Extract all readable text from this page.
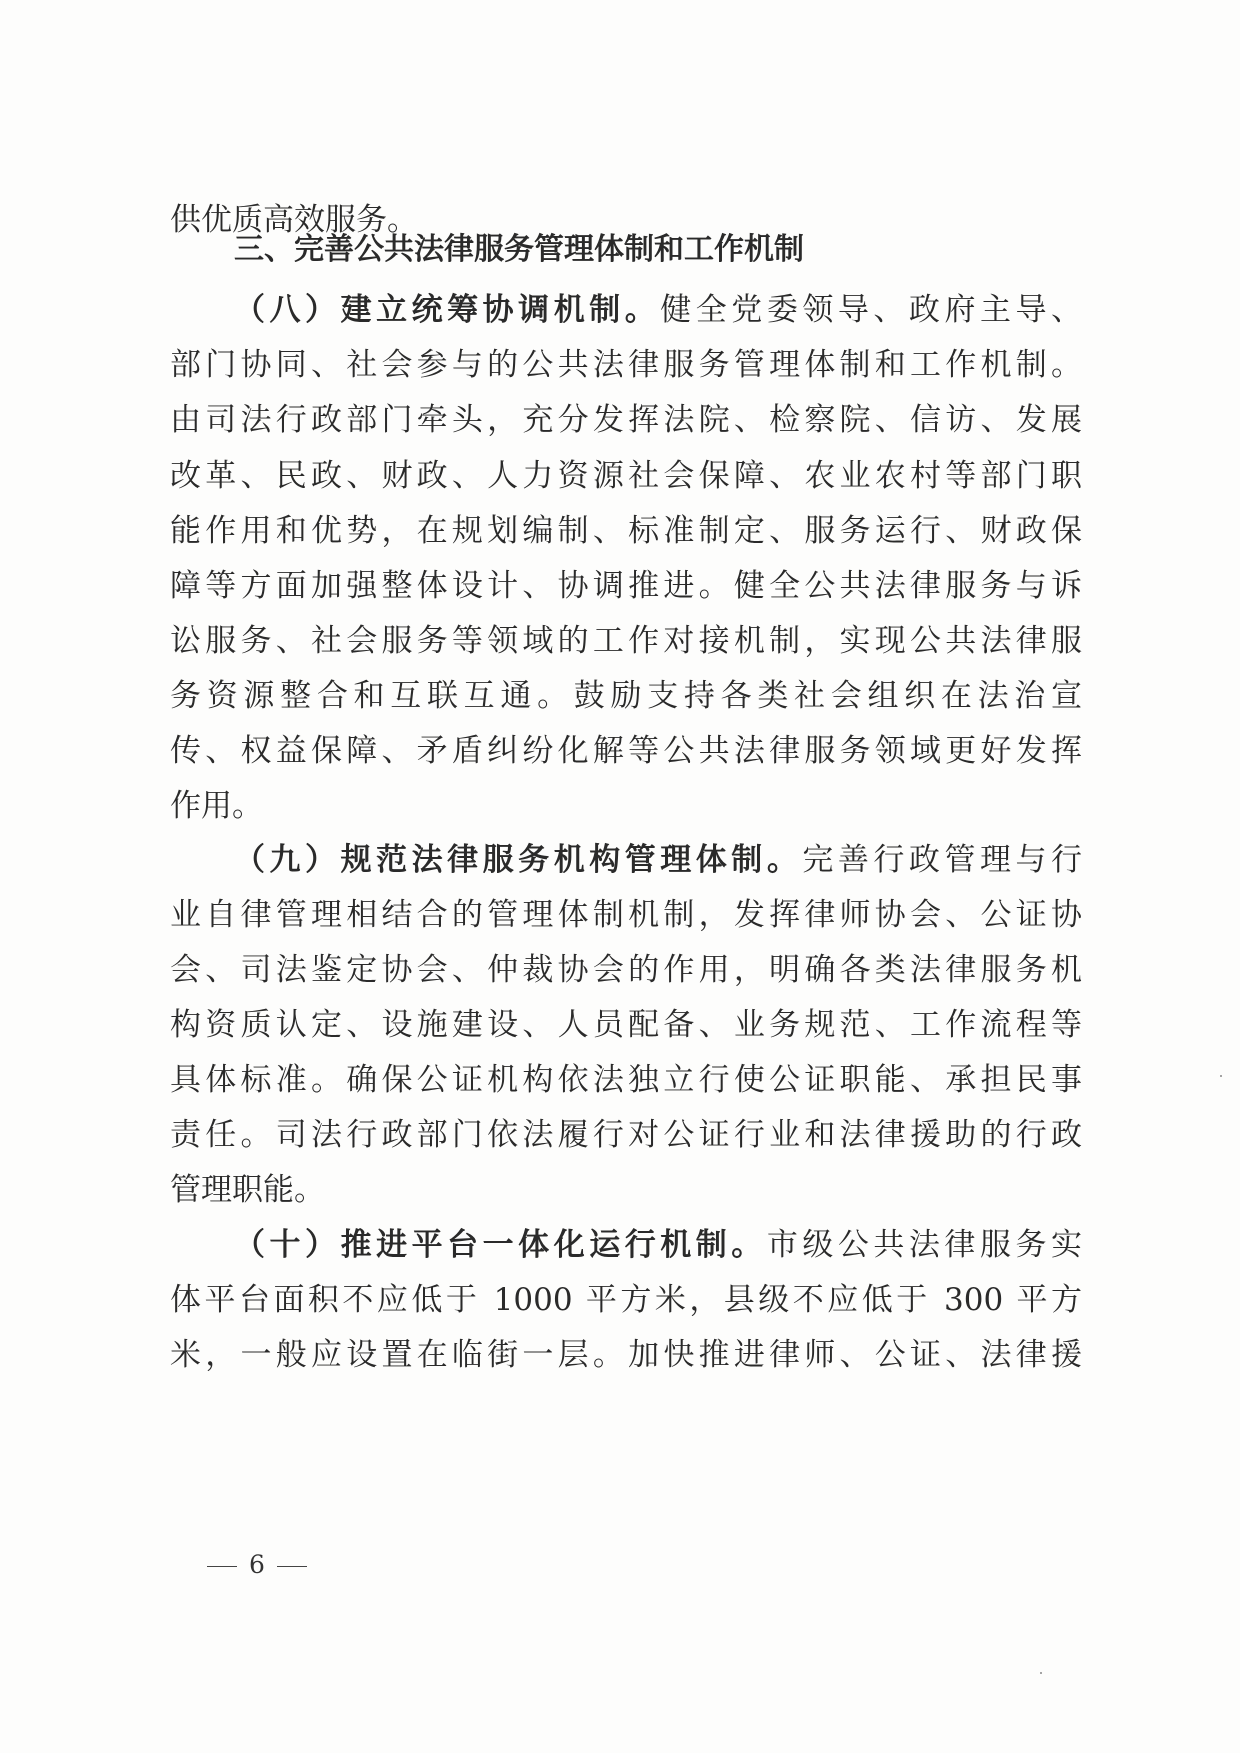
供优质高效服务。
三、完善公共法律服务管理体制和工作机制
（八）建立统筹协调机制。健全党委领导、政府主导、
部门协同、社会参与的公共法律服务管理体制和工作机制。
由司法行政部门牵头，充分发挥法院、检察院、信访、发展
改革、民政、财政、人力资源社会保障、农业农村等部门职
能作用和优势，在规划编制、标准制定、服务运行、财政保
障等方面加强整体设计、协调推进。健全公共法律服务与诉
讼服务、社会服务等领域的工作对接机制，实现公共法律服
务资源整合和互联互通。鼓励支持各类社会组织在法治宣
传、权益保障、矛盾纠纷化解等公共法律服务领域更好发挥
作用。
（九）规范法律服务机构管理体制。完善行政管理与行
业自律管理相结合的管理体制机制，发挥律师协会、公证协
会、司法鉴定协会、仲裁协会的作用，明确各类法律服务机
构资质认定、设施建设、人员配备、业务规范、工作流程等
具体标准。确保公证机构依法独立行使公证职能、承担民事
责任。司法行政部门依法履行对公证行业和法律援助的行政
管理职能。
（十）推进平台一体化运行机制。市级公共法律服务实
体平台面积不应低于 1000 平方米，县级不应低于 300 平方
米，一般应设置在临街一层。加快推进律师、公证、法律援
6
